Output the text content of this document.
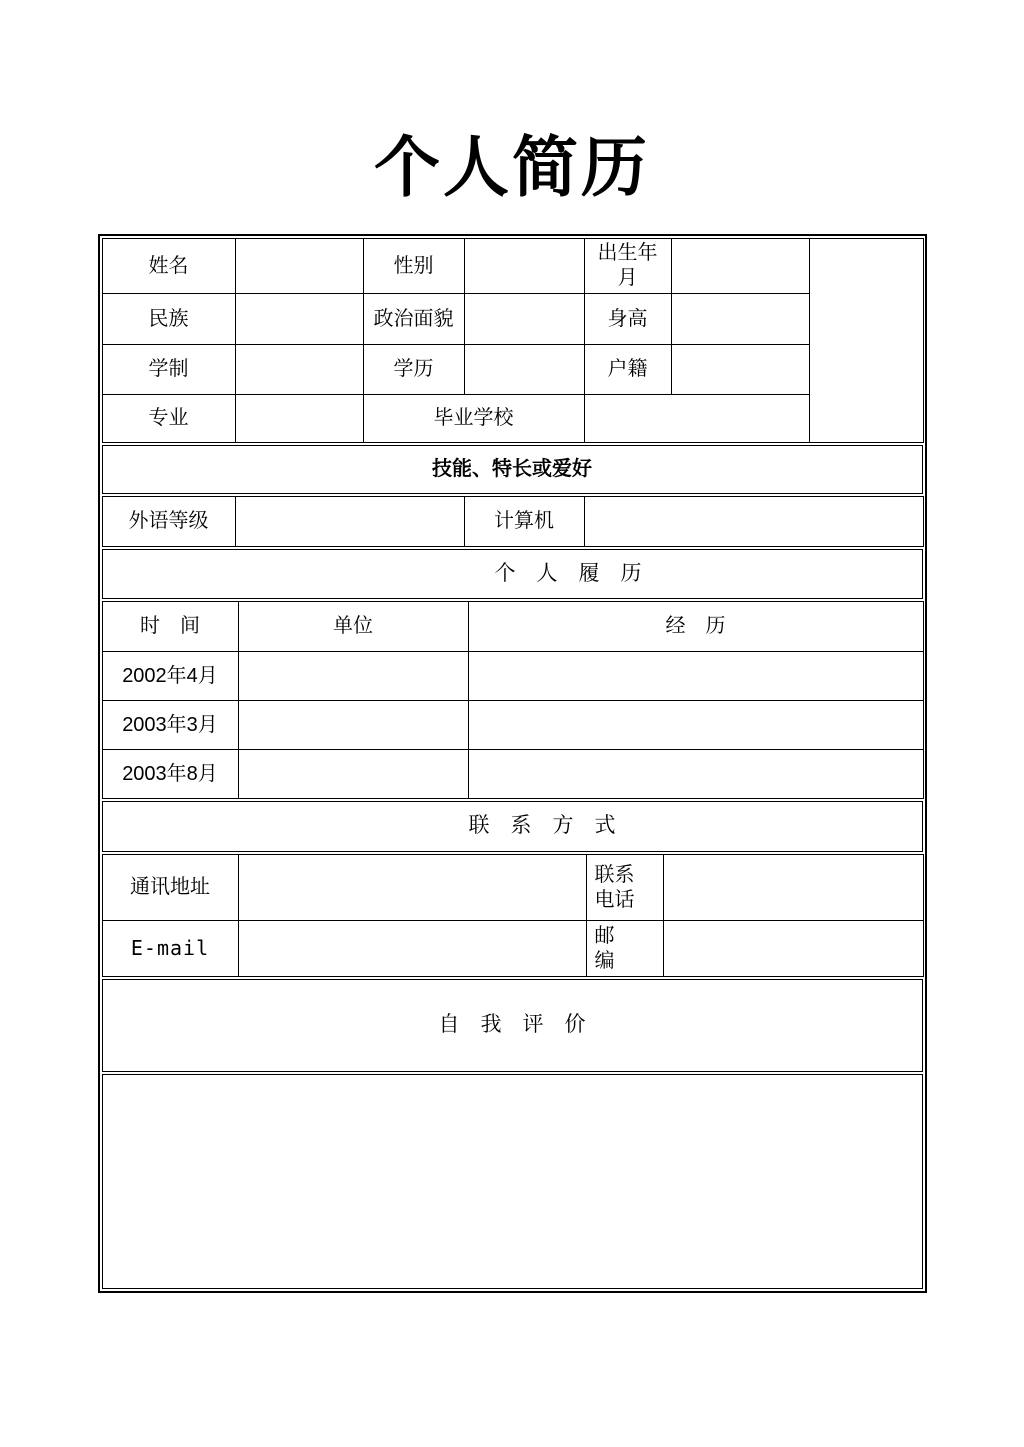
个人简历
姓名		性别		出生年月		
民族		政治面貌		身高		
学制		学历		户籍		
专业		毕业学校				
技能、特长或爱好
外语等级		计算机	
个　人　履　历
时　间	单位	经　历
2002年4月		
2003年3月		
2003年8月		
联　系　方　式
通讯地址		联系电话	
E-mail		邮编	
自　我　评　价
